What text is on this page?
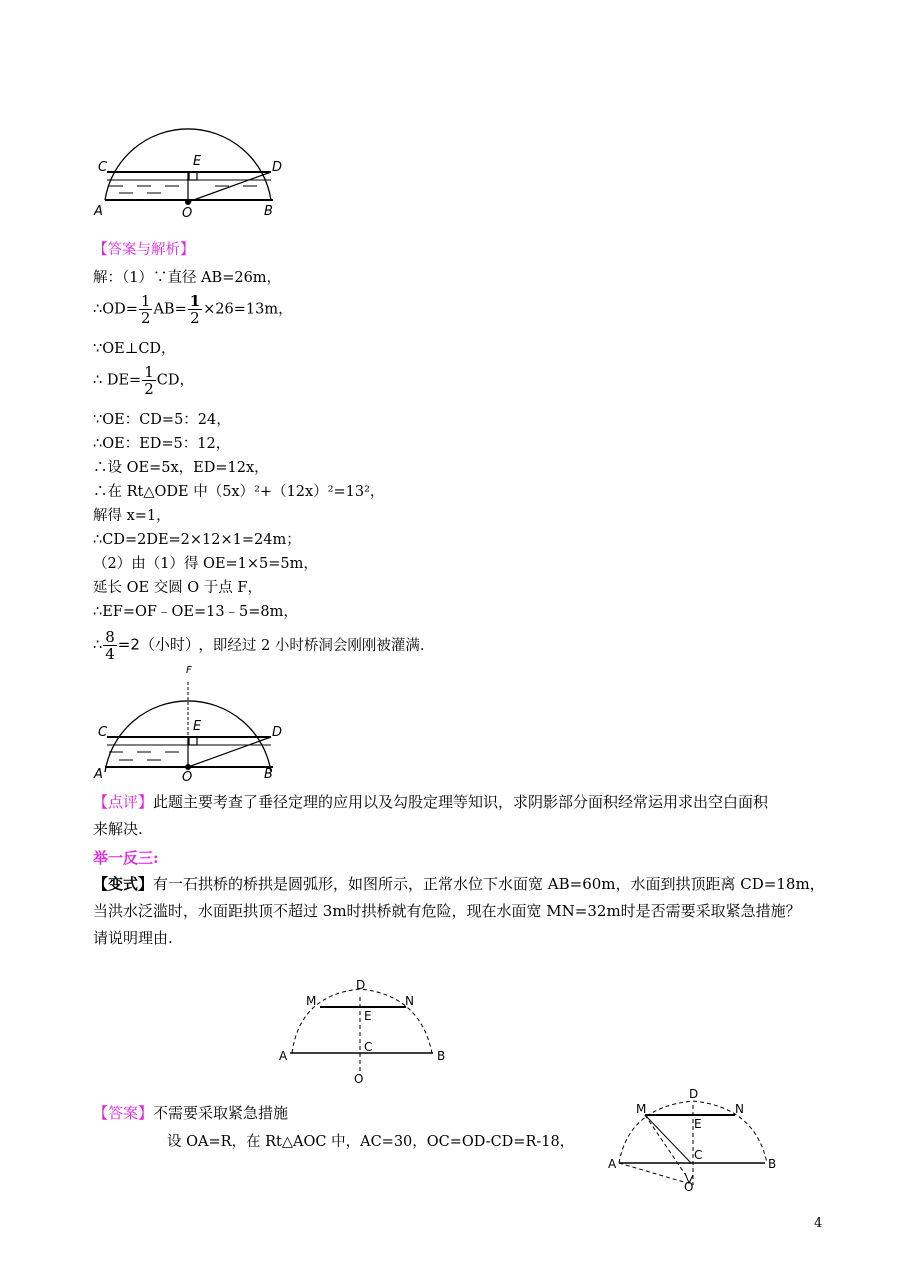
C	E	D
A	O	B
【答案与解析】
解：（1）∵直径 AB=26m，
∴OD= $\frac{1}{2} AB= \frac{1}{2} \times 26=13m$，
∵OE⊥CD，
∴ $DE= \frac{1}{2}$ CD，
∵OE：CD=5：24，
∴OE：ED=5：12，
∴设 OE=5x，ED=12x，
∴在 Rt△ODE 中（5x）²+（12x）²=13²，
解得 x=1，
∴CD=2DE=2×12×1=24m；
（2）由（1）得 OE=1×5=5m，
延长 OE 交圆 O 于点 F，
∴EF=OF﹣OE=13﹣5=8m，
∴ $\frac{8}{4} =2$（小时） ，即经过 2 小时桥洞会刚刚被灌满.
F
C	E	D
A	O	B
【点评】此题主要考查了垂径定理的应用以及勾股定理等知识，求阴影部分面积经常运用求出空白面积
来解决.
举一反三:
【变式】有一石拱桥的桥拱是圆弧形，如图所示，正常水位下水面宽 AB=60m，水面到拱顶距离 CD=18m，
当洪水泛滥时，水面距拱顶不超过 3m时拱桥就有危险，现在水面宽 MN=32m时是否需要采取紧急措施？
请说明理由.
D
M	N
E
C
A	B
O
【答案】不需要采取紧急措施
设 OA=R，在 Rt△AOC 中，AC=30，OC=OD-CD=R-18，
D
M	N
E
C
A	B
O
4
